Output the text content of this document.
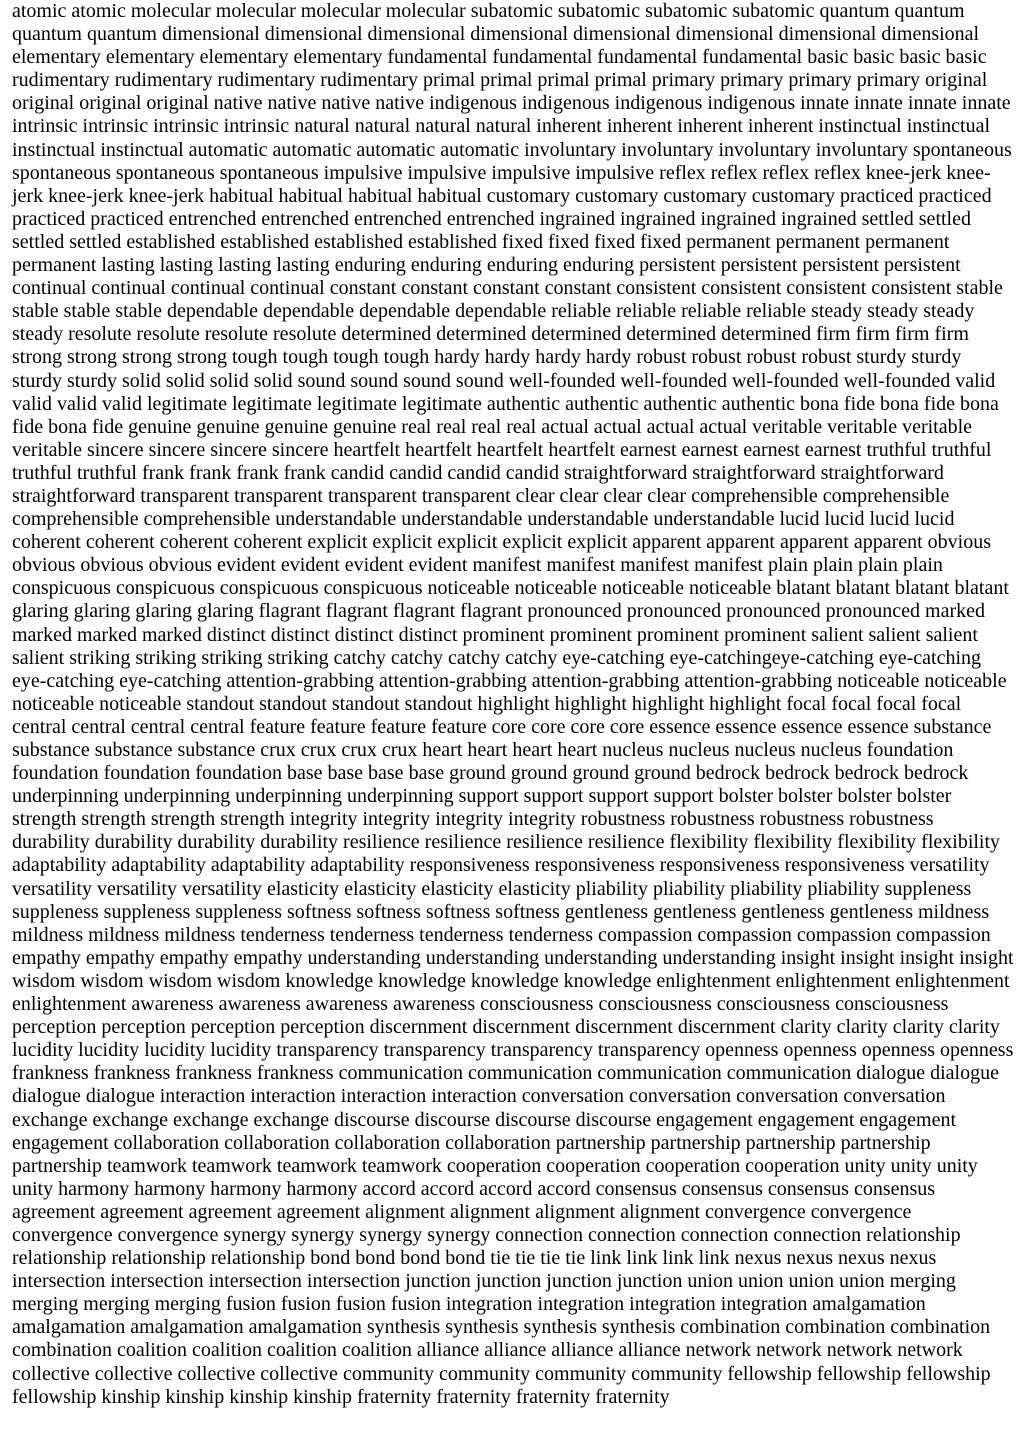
atomic atomic molecular molecular molecular molecular subatomic subatomic subatomic subatomic quantum quantum quantum quantum dimensional dimensional dimensional dimensional dimensional dimensional dimensional dimensional elementary elementary elementary elementary fundamental fundamental fundamental fundamental basic basic basic basic rudimentary rudimentary rudimentary rudimentary primal primal primal primal primary primary primary primary original original original original native native native native indigenous indigenous indigenous indigenous innate innate innate innate intrinsic intrinsic intrinsic intrinsic natural natural natural natural inherent inherent inherent inherent instinctual instinctual instinctual instinctual automatic automatic automatic automatic involuntary involuntary involuntary involuntary spontaneous spontaneous spontaneous spontaneous impulsive impulsive impulsive impulsive reflex reflex reflex reflex knee-jerk knee-jerk knee-jerk knee-jerk habitual habitual habitual habitual customary customary customary customary practiced practiced practiced practiced entrenched entrenched entrenched entrenched ingrained ingrained ingrained ingrained settled settled settled settled established established established established fixed fixed fixed fixed permanent permanent permanent permanent lasting lasting lasting lasting enduring enduring enduring enduring persistent persistent persistent persistent continual continual continual continual constant constant constant constant consistent consistent consistent consistent stable stable stable stable dependable dependable dependable dependable reliable reliable reliable reliable steady steady steady steady resolute resolute resolute resolute determined determined determined determined determined firm firm firm firm strong strong strong strong tough tough tough tough hardy hardy hardy hardy robust robust robust robust sturdy sturdy sturdy sturdy solid solid solid solid sound sound sound sound well-founded well-founded well-founded well-founded valid valid valid valid legitimate legitimate legitimate legitimate authentic authentic authentic authentic bona fide bona fide bona fide bona fide genuine genuine genuine genuine real real real real actual actual actual actual veritable veritable veritable veritable sincere sincere sincere sincere heartfelt heartfelt heartfelt heartfelt earnest earnest earnest earnest truthful truthful truthful truthful frank frank frank frank candid candid candid candid straightforward straightforward straightforward straightforward transparent transparent transparent transparent clear clear clear clear comprehensible comprehensible comprehensible comprehensible understandable understandable understandable understandable lucid lucid lucid lucid coherent coherent coherent coherent explicit explicit explicit explicit explicit apparent apparent apparent apparent obvious obvious obvious obvious evident evident evident evident manifest manifest manifest manifest plain plain plain plain conspicuous conspicuous conspicuous conspicuous noticeable noticeable noticeable noticeable blatant blatant blatant blatant glaring glaring glaring glaring flagrant flagrant flagrant flagrant pronounced pronounced pronounced pronounced marked marked marked marked distinct distinct distinct distinct prominent prominent prominent prominent salient salient salient salient striking striking striking striking catchy catchy catchy catchy eye-catching eye-catchingeye-catching eye-catching eye-catching eye-catching attention-grabbing attention-grabbing attention-grabbing attention-grabbing noticeable noticeable noticeable noticeable standout standout standout standout highlight highlight highlight highlight focal focal focal focal central central central central feature feature feature feature core core core core essence essence essence essence substance substance substance substance crux crux crux crux heart heart heart heart nucleus nucleus nucleus nucleus foundation foundation foundation foundation base base base base ground ground ground ground bedrock bedrock bedrock bedrock underpinning underpinning underpinning underpinning support support support support bolster bolster bolster bolster strength strength strength strength integrity integrity integrity integrity robustness robustness robustness robustness durability durability durability durability resilience resilience resilience resilience flexibility flexibility flexibility flexibility adaptability adaptability adaptability adaptability responsiveness responsiveness responsiveness responsiveness versatility versatility versatility versatility elasticity elasticity elasticity elasticity pliability pliability pliability pliability suppleness suppleness suppleness suppleness softness softness softness softness gentleness gentleness gentleness gentleness mildness mildness mildness mildness tenderness tenderness tenderness tenderness compassion compassion compassion compassion empathy empathy empathy empathy understanding understanding understanding understanding insight insight insight insight wisdom wisdom wisdom wisdom knowledge knowledge knowledge knowledge enlightenment enlightenment enlightenment enlightenment awareness awareness awareness awareness consciousness consciousness consciousness consciousness perception perception perception perception discernment discernment discernment discernment clarity clarity clarity clarity lucidity lucidity lucidity lucidity transparency transparency transparency transparency openness openness openness openness frankness frankness frankness frankness communication communication communication communication dialogue dialogue dialogue dialogue interaction interaction interaction interaction conversation conversation conversation conversation exchange exchange exchange exchange discourse discourse discourse discourse engagement engagement engagement engagement collaboration collaboration collaboration collaboration partnership partnership partnership partnership partnership teamwork teamwork teamwork teamwork cooperation cooperation cooperation cooperation unity unity unity unity harmony harmony harmony harmony accord accord accord accord consensus consensus consensus consensus agreement agreement agreement agreement alignment alignment alignment alignment convergence convergence convergence convergence synergy synergy synergy synergy connection connection connection connection relationship relationship relationship relationship bond bond bond bond tie tie tie tie link link link link nexus nexus nexus nexus intersection intersection intersection intersection junction junction junction junction union union union union merging merging merging merging fusion fusion fusion fusion integration integration integration integration amalgamation amalgamation amalgamation amalgamation synthesis synthesis synthesis synthesis combination combination combination combination coalition coalition coalition coalition alliance alliance alliance alliance network network network network collective collective collective collective community community community community fellowship fellowship fellowship fellowship kinship kinship kinship kinship fraternity fraternity fraternity fraternity
